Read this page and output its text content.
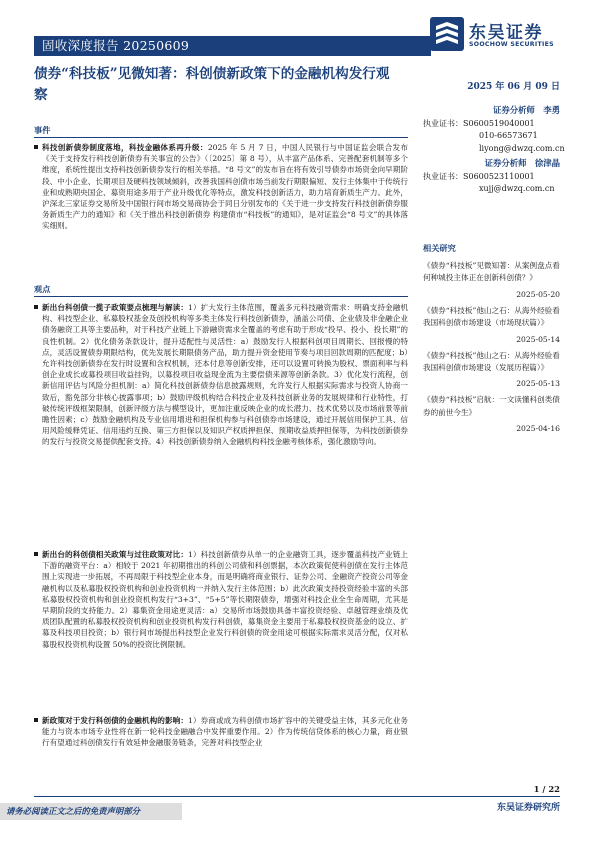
固收深度报告 20250609
东吴证券
SOOCHOW SECURITIES
债券“科技板”见微知著：科创债新政策下的金融机构发行观察	2025 年 06 月 09 日
证券分析师　李勇
执业证书：S0600519040001
010-66573671
liyong@dwzq.com.cn
证券分析师　徐津晶
执业证书：S0600523110001
xujj@dwzq.com.cn
相关研究
《债券“科技板”见微知著：从案例盘点看何种城投主体正在创新科创债？》
2025-05-20
《债券“科技板”他山之石：从海外经验看我国科创债市场建设（市场现状篇）》
2025-05-14
《债券“科技板”他山之石：从海外经验看我国科创债市场建设（发展历程篇）》
2025-05-13
《债券“科技板”启航：一文读懂科创类债券的前世今生》
2025-04-16
事件
科技创新债券制度落地，科技金融体系再升级：2025 年 5 月 7 日，中国人民银行与中国证监会联合发布《关于支持发行科技创新债券有关事宜的公告》（〔2025〕第 8 号），从丰富产品体系、完善配套机制等多个维度，系统性提出支持科技创新债券发行的相关举措。“8 号文”的发布旨在将有效引导债券市场资金向早期阶段、中小企业、长期项目及硬科技领域倾斜，改善我国科创债市场当前发行期限偏短、发行主体集中于传统行业和成熟期央国企、募资用途多用于产业升级优化等特点，激发科技创新活力，助力培育新质生产力。此外，沪深北三家证券交易所及中国银行间市场交易商协会于同日分别发布的《关于进一步支持发行科技创新债券服务新质生产力的通知》和《关于推出科技创新债券 构建债市“科技板”的通知》，是对证监会“8 号文”的具体落实细则。
观点
新出台科创债一揽子政策要点梳理与解读：1）扩大发行主体范围，覆盖多元科技融资需求：明确支持金融机构、科技型企业、私募股权基金及创投机构等多类主体发行科技创新债券，涵盖公司债、企业债及非金融企业债务融资工具等主要品种，对于科技产业链上下游融资需求全覆盖的考虑有助于形成“投早、投小、投长期”的良性机制。2）优化债务条款设计，提升适配性与灵活性：a）鼓励发行人根据科创项目周期长、回报慢的特点，灵活设置债券期限结构，优先发展长期限债务产品，助力提升资金使用节奏与项目回款周期的匹配度；b）允许科技创新债券在发行时设置和含权机制，还本付息等创新安排，还可以设置可转换为股权、票面利率与科创企业成长或募投项目收益挂钩，以募投项目收益现金流为主要偿债来源等创新条款。3）优化发行流程，创新信用评估与风险分担机制：a）简化科技创新债券信息披露规则，允许发行人根据实际需求与投资人协商一致后，豁免部分非核心披露事项；b）鼓励评级机构结合科技企业及科技创新业务的发展规律和行业特性，打破传统评级框架限制，创新评级方法与模型设计，更加注重反映企业的成长潜力、技术优势以及市场前景等前瞻性因素；c）鼓励金融机构及专业信用增进和担保机构参与科创债券市场建设，通过开展信用保护工具、信用风险缓释凭证、信用违约互换、第三方担保以及知识产权质押担保、预期收益质押担保等，为科技创新债券的发行与投资交易提供配套支持。4）科技创新债券纳入金融机构科技金融考核体系，强化激励导向。
新出台的科创债相关政策与过往政策对比：1）科技创新债券从单一的企业融资工具，逐步覆盖科技产业链上下游的融资平台：a）相较于 2021 年初期推出的科创公司债和科创票据，本次政策促使科创债在发行主体范围上实现进一步拓展，不再局限于科技型企业本身，而是明确将商业银行、证券公司、金融资产投资公司等金融机构以及私募股权投资机构和创业投资机构一并纳入发行主体范围；b）此次政策支持投资经验丰富的头部私募股权投资机构和创业投资机构发行“3+3”、“5+5”等长期限债券，增强对科技企业全生命周期，尤其是早期阶段的支持能力。2）募集资金用途更灵活：a）交易所市场鼓励具备丰富投资经验、卓越管理业绩及优质团队配置的私募股权投资机构和创业投资机构发行科创债，募集资金主要用于私募股权投资基金的设立、扩募及科技项目投资；b）银行间市场提出科技型企业发行科创债的资金用途可根据实际需求灵活分配，仅对私募股权投资机构设置 50%的投资比例限制。
新政策对于发行科创债的金融机构的影响：1）券商或成为科创债市场扩容中的关键受益主体，其多元化业务能力与资本市场专业性将在新一轮科技金融融合中发挥重要作用。2）作为传统信贷体系的核心力量，商业银行有望通过科创债发行有效延伸金融服务链条，完善对科技型企业
1 / 22
东吴证券研究所
请务必阅读正文之后的免责声明部分
